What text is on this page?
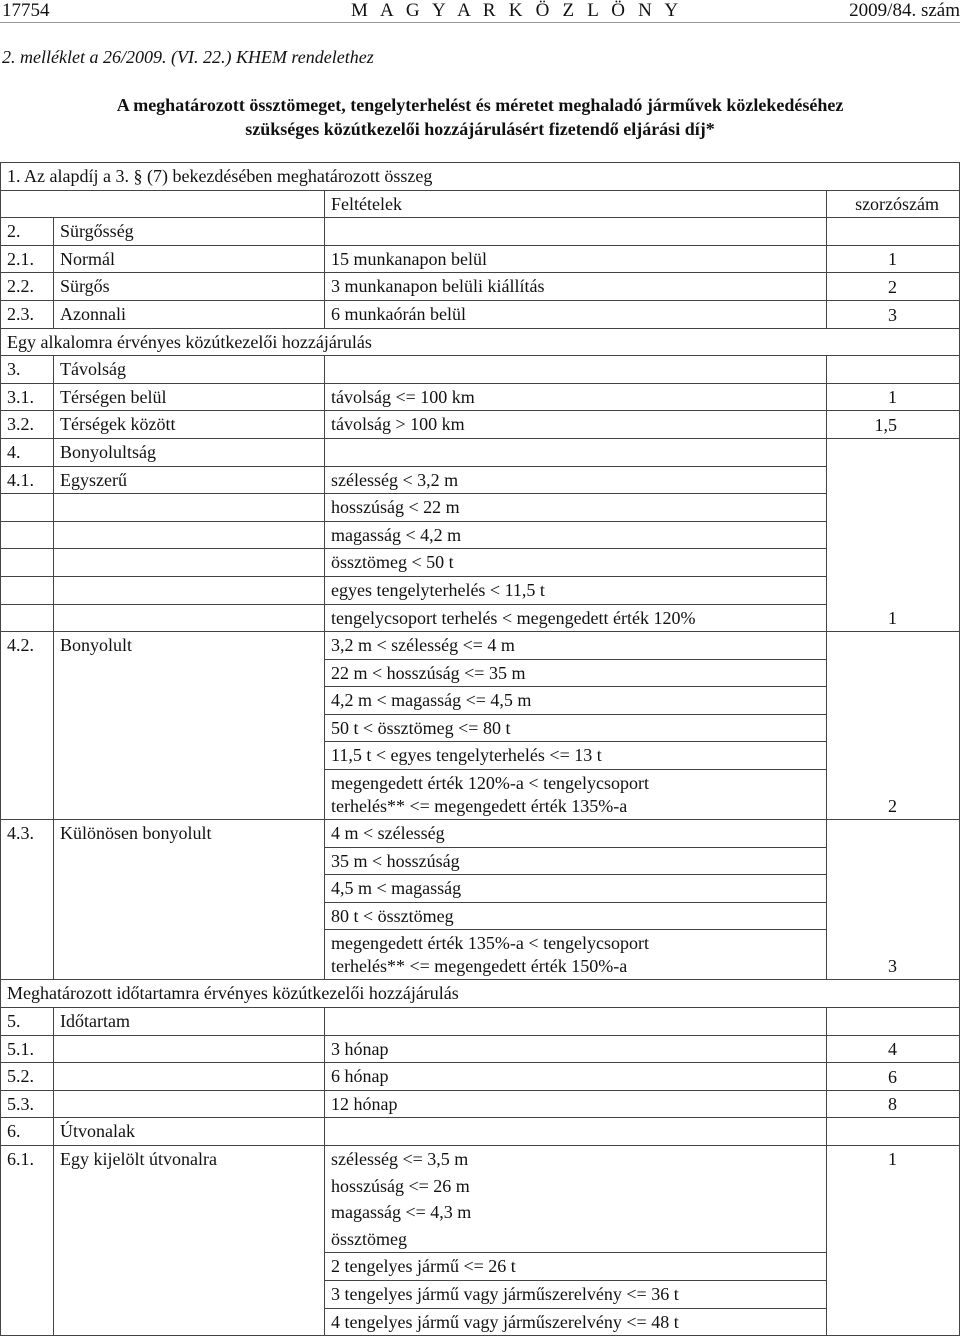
17754	M A G Y A R K Ö Z L Ö N Y	2009/84. szám
2. melléklet a 26/2009. (VI. 22.) KHEM rendelethez
A meghatározott össztömeget, tengelyterhelést és méretet meghaladó járművek közlekedéséhez
szükséges közútkezelői hozzájárulásért fizetendő eljárási díj*
1. Az alapdíj a 3. § (7) bekezdésében meghatározott összeg			
		Feltételek	szorzószám
2.	Sürgősség		
2.1.	Normál	15 munkanapon belül	1
2.2.	Sürgős	3 munkanapon belüli kiállítás	2
2.3.	Azonnali	6 munkaórán belül	3
Egy alkalomra érvényes közútkezelői hozzájárulás			
3.	Távolság		
3.1.	Térségen belül	távolság <= 100 km	1
3.2.	Térségek között	távolság > 100 km	1,5
4.	Bonyolultság		
4.1.	Egyszerű	szélesség < 3,2 m	
		hosszúság < 22 m	
		magasság < 4,2 m	
		össztömeg < 50 t	
		egyes tengelyterhelés < 11,5 t	
		tengelycsoport terhelés < megengedett érték 120%	1
4.2.	Bonyolult	3,2 m < szélesség <= 4 m	
		22 m < hosszúság <= 35 m	
		4,2 m < magasság <= 4,5 m	
		50 t < össztömeg <= 80 t	
		11,5 t < egyes tengelyterhelés <= 13 t	

		megengedett érték 120%-a < tengelycsoport
terhelés** <= megengedett érték 135%-a	2
4.3.	Különösen bonyolult	4 m < szélesség	
		35 m < hosszúság	
		4,5 m < magasság	
		80 t < össztömeg	

		megengedett érték 135%-a < tengelycsoport
terhelés** <= megengedett érték 150%-a	3
Meghatározott időtartamra érvényes közútkezelői hozzájárulás			
5.	Időtartam		
5.1.		3 hónap	4
5.2.		6 hónap	6
5.3.		12 hónap	8
6.	Útvonalak		
6.1.	Egy kijelölt útvonalra	szélesség <= 3,5 m	1
		hosszúság <= 26 m	
		magasság <= 4,3 m	
		össztömeg	
		2 tengelyes jármű <= 26 t	
		3 tengelyes jármű vagy járműszerelvény <= 36 t	
		4 tengelyes jármű vagy járműszerelvény <= 48 t	
